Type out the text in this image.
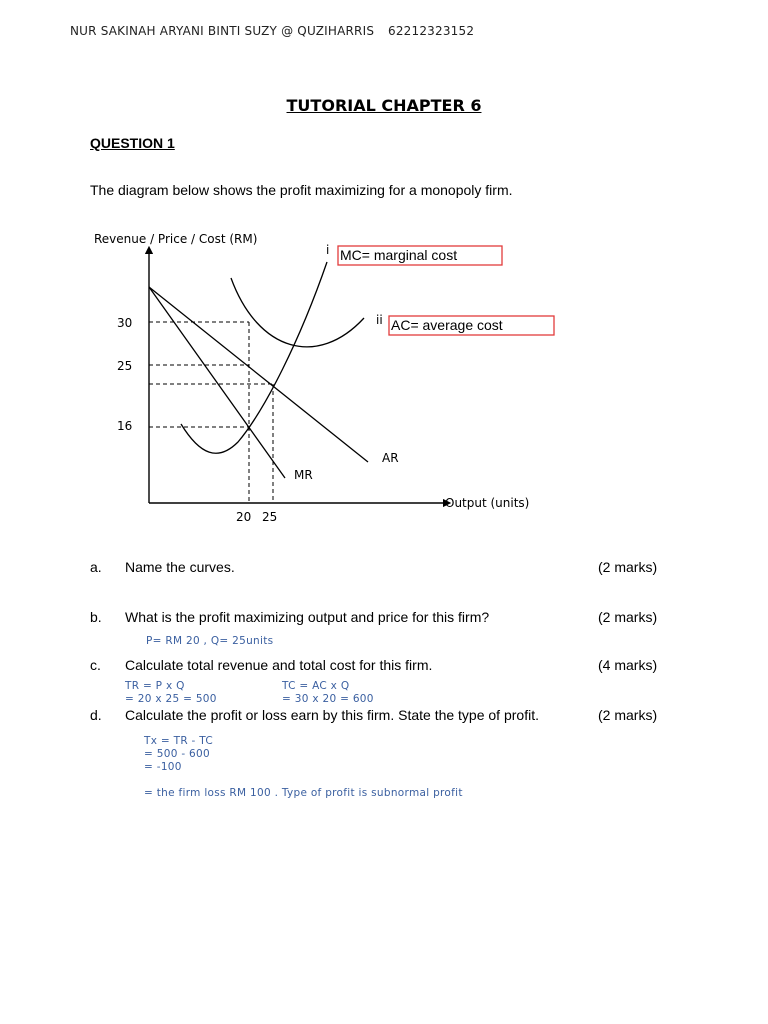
NUR SAKINAH ARYANI BINTI SUZY @ QUZIHARRIS 62212323152
TUTORIAL CHAPTER 6
QUESTION 1
The diagram below shows the profit maximizing for a monopoly firm.
Revenue / Price / Cost (RM)
Output (units)
30
25
16
20 25
AR
MR
i
ii
MC= marginal cost
AC= average cost
a. Name the curves.	(2 marks)
b. What is the profit maximizing output and price for this firm?	(2 marks)
P= RM 20 , Q= 25units
c. Calculate total revenue and total cost for this firm.	(4 marks)
TR = P x Q
= 20 x 25 = 500
TC = AC x Q
= 30 x 20 = 600
d. Calculate the profit or loss earn by this firm. State the type of profit.	(2 marks)
Tx = TR - TC
= 500 - 600
= -100
= the firm loss RM 100 . Type of profit is subnormal profit
